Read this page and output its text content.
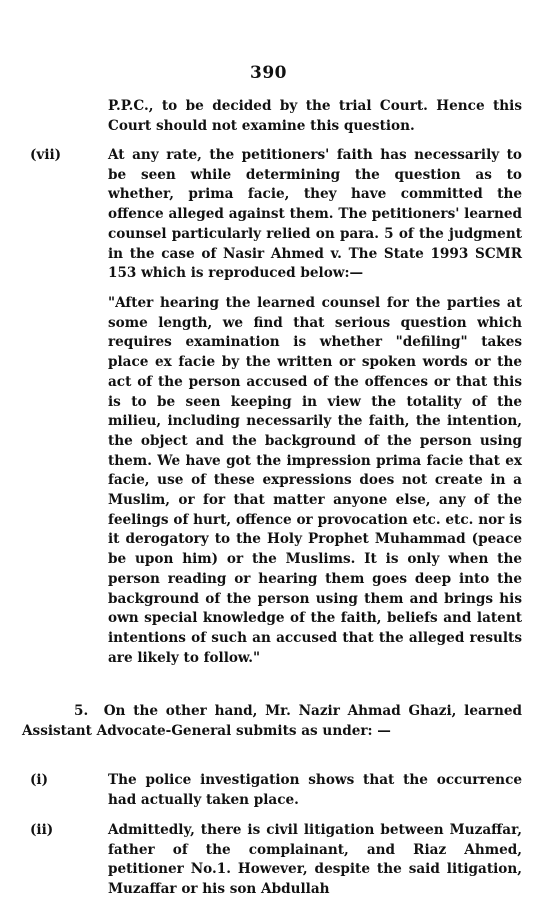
390
P.P.C., to be decided by the trial Court. Hence this Court should not examine this question.
(vii)	At any rate, the petitioners' faith has necessarily to be seen while determining the question as to whether, prima facie, they have committed the offence alleged against them. The petitioners' learned counsel particularly relied on para. 5 of the judgment in the case of Nasir Ahmed v. The State 1993 SCMR 153 which is reproduced below:—
"After hearing the learned counsel for the parties at some length, we find that serious question which requires examination is whether "defiling" takes place ex facie by the written or spoken words or the act of the person accused of the offences or that this is to be seen keeping in view the totality of the milieu, including necessarily the faith, the intention, the object and the background of the person using them. We have got the impression prima facie that ex facie, use of these expressions does not create in a Muslim, or for that matter anyone else, any of the feelings of hurt, offence or provocation etc. etc. nor is it derogatory to the Holy Prophet Muhammad (peace be upon him) or the Muslims. It is only when the person reading or hearing them goes deep into the background of the person using them and brings his own special knowledge of the faith, beliefs and latent intentions of such an accused that the alleged results are likely to follow."
5. On the other hand, Mr. Nazir Ahmad Ghazi, learned Assistant Advocate-General submits as under: —
(i)	The police investigation shows that the occurrence had actually taken place.
(ii)	Admittedly, there is civil litigation between Muzaffar, father of the complainant, and Riaz Ahmed, petitioner No.1. However, despite the said litigation, Muzaffar or his son Abdullah
